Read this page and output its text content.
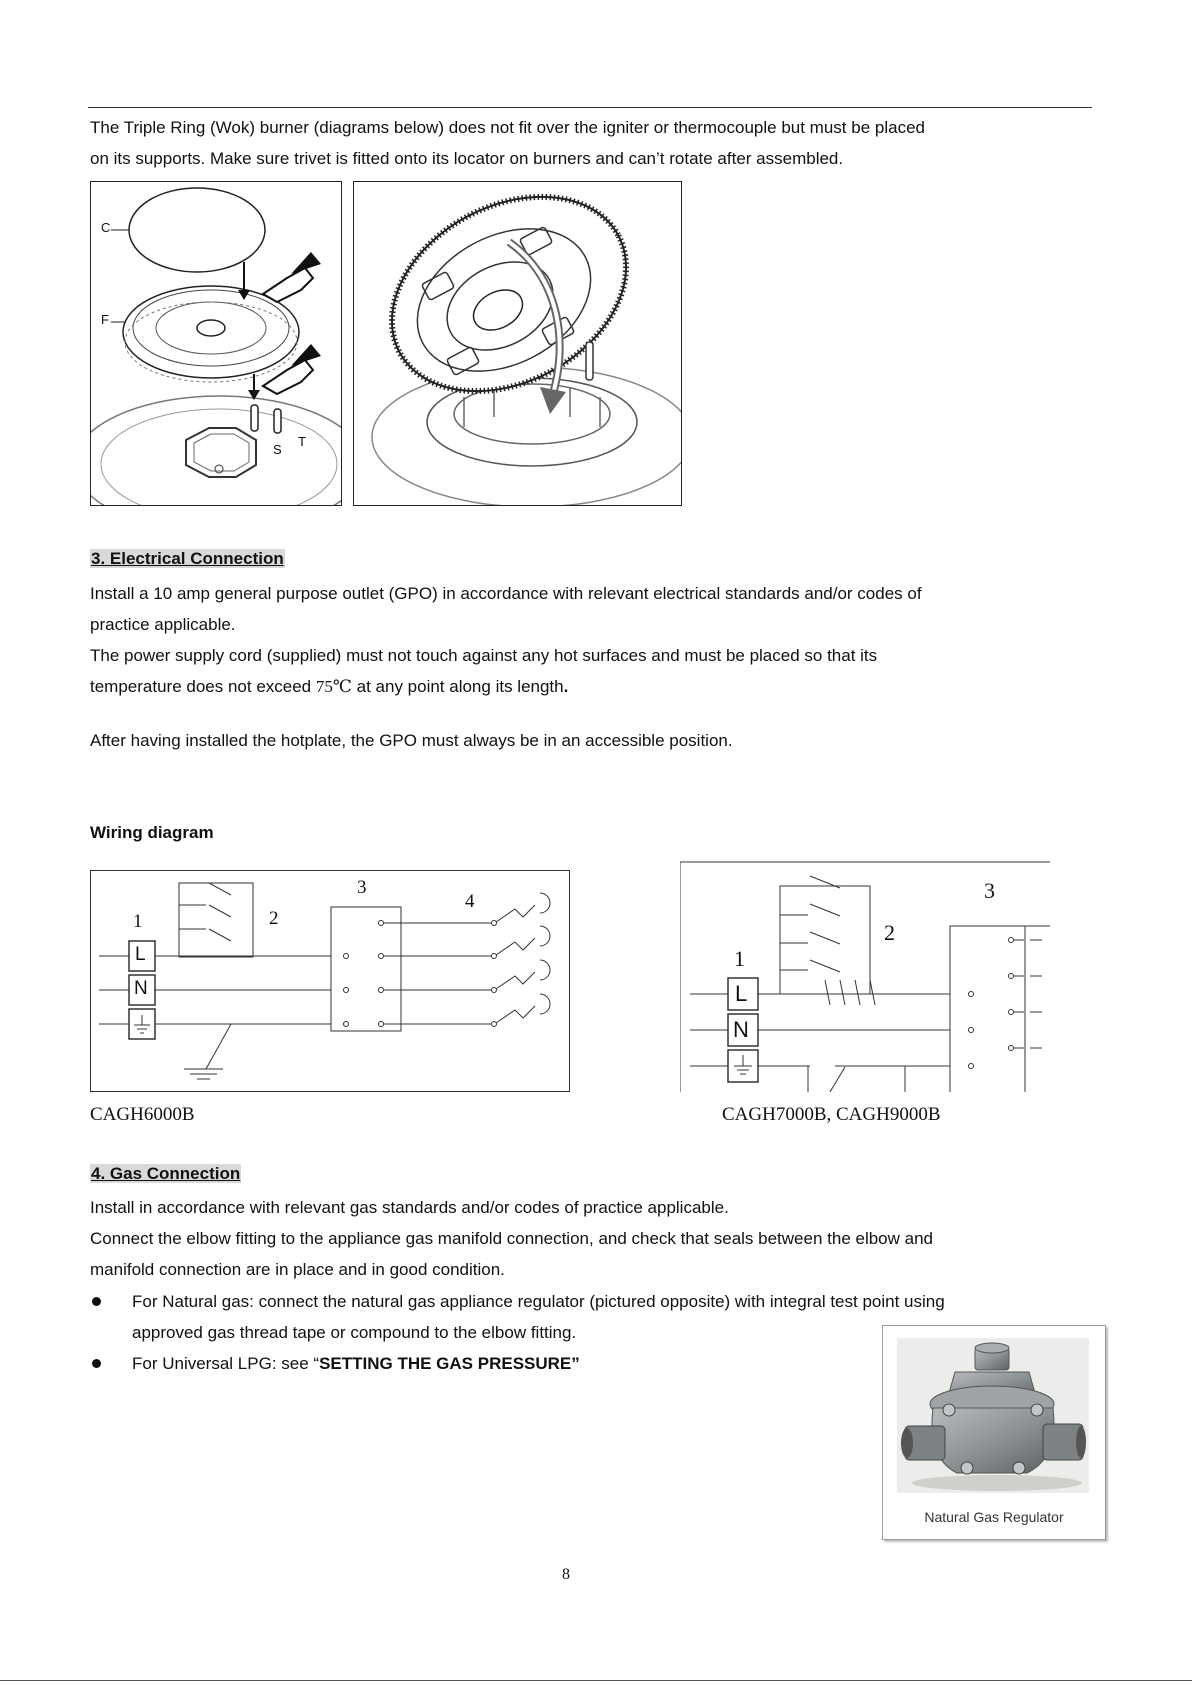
The Triple Ring (Wok) burner (diagrams below) does not fit over the igniter or thermocouple but must be placed
on its supports. Make sure trivet is fitted onto its locator on burners and can’t rotate after assembled.
C
F
S
T
3. Electrical Connection
Install a 10 amp general purpose outlet (GPO) in accordance with relevant electrical standards and/or codes of
practice applicable.
The power supply cord (supplied) must not touch against any hot surfaces and must be placed so that its
temperature does not exceed 75℃ at any point along its length.
After having installed the hotplate, the GPO must always be in an accessible position.
Wiring diagram
1	2
3
4
L
N
CAGH6000B
1
2
3
L
N
CAGH7000B, CAGH9000B
4. Gas Connection
Install in accordance with relevant gas standards and/or codes of practice applicable.
Connect the elbow fitting to the appliance gas manifold connection, and check that seals between the elbow and
manifold connection are in place and in good condition.
For Natural gas: connect the natural gas appliance regulator (pictured opposite) with integral test point using
approved gas thread tape or compound to the elbow fitting.
For Universal LPG: see “SETTING THE GAS PRESSURE”
Natural Gas Regulator
8
